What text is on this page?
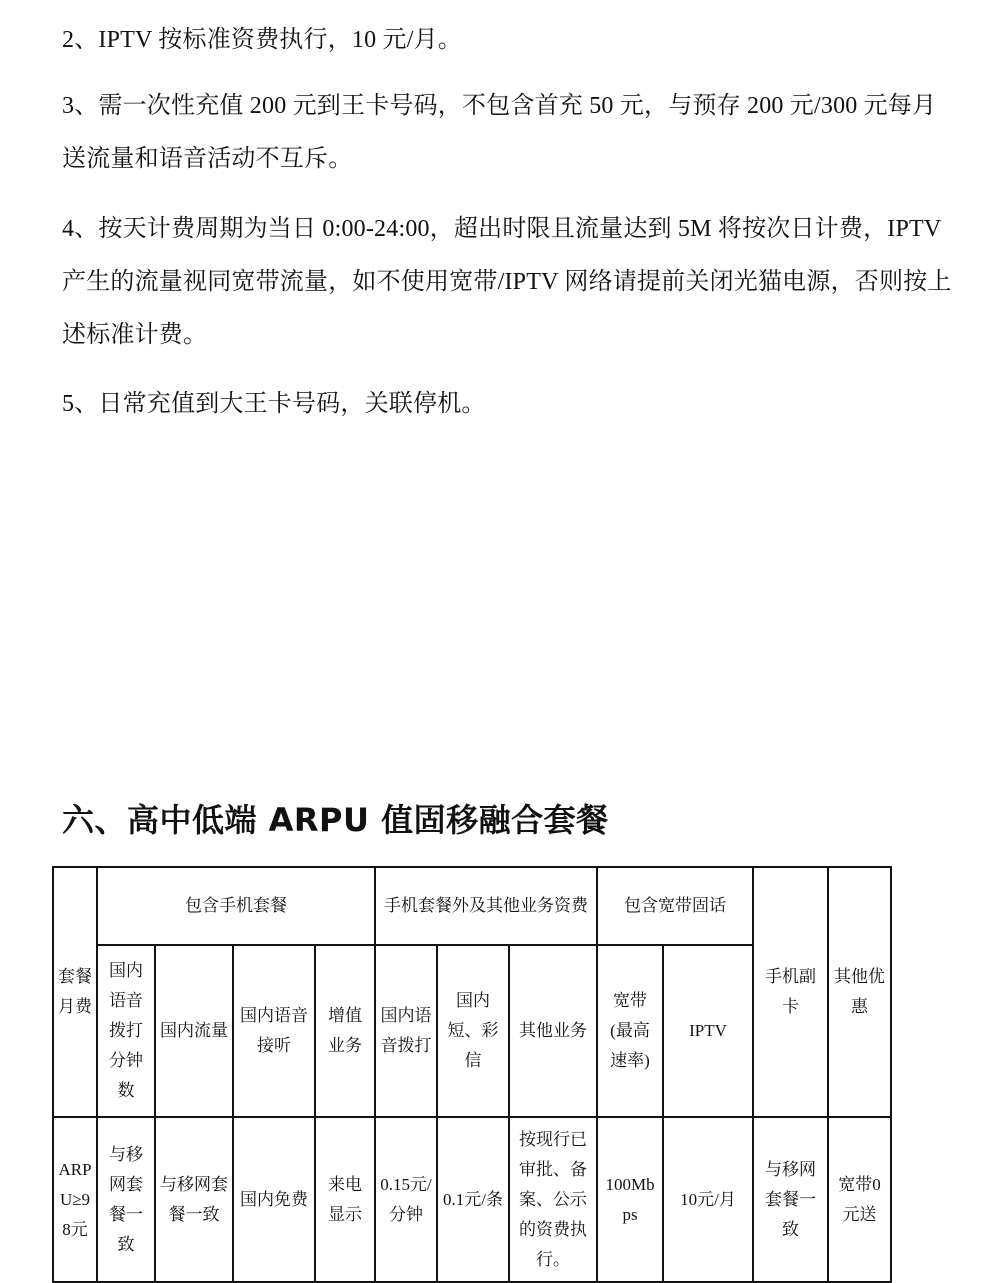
2、IPTV 按标准资费执行，10 元/月。

3、需一次性充值 200 元到王卡号码，不包含首充 50 元，与预存 200 元/300 元每月送流量和语音活动不互斥。

4、按天计费周期为当日 0:00-24:00，超出时限且流量达到 5M 将按次日计费，IPTV 产生的流量视同宽带流量，如不使用宽带/IPTV 网络请提前关闭光猫电源，否则按上述标准计费。

5、日常充值到大王卡号码，关联停机。

六、高中低端 ARPU 值固移融合套餐
套餐月费	包含手机套餐				手机套餐外及其他业务资费			包含宽带固话		手机副卡	其他优惠
	国内语音拨打分钟数	国内流量	国内语音接听	增值业务	国内语音拨打	国内短、彩信	其他业务	宽带(最高速率)	IPTV		
ARPU≥98元	与移网套餐一致	与移网套餐一致	国内免费	来电显示	0.15元/分钟	0.1元/条	按现行已审批、备案、公示的资费执行。	100Mbps	10元/月	与移网套餐一致	宽带0元送
